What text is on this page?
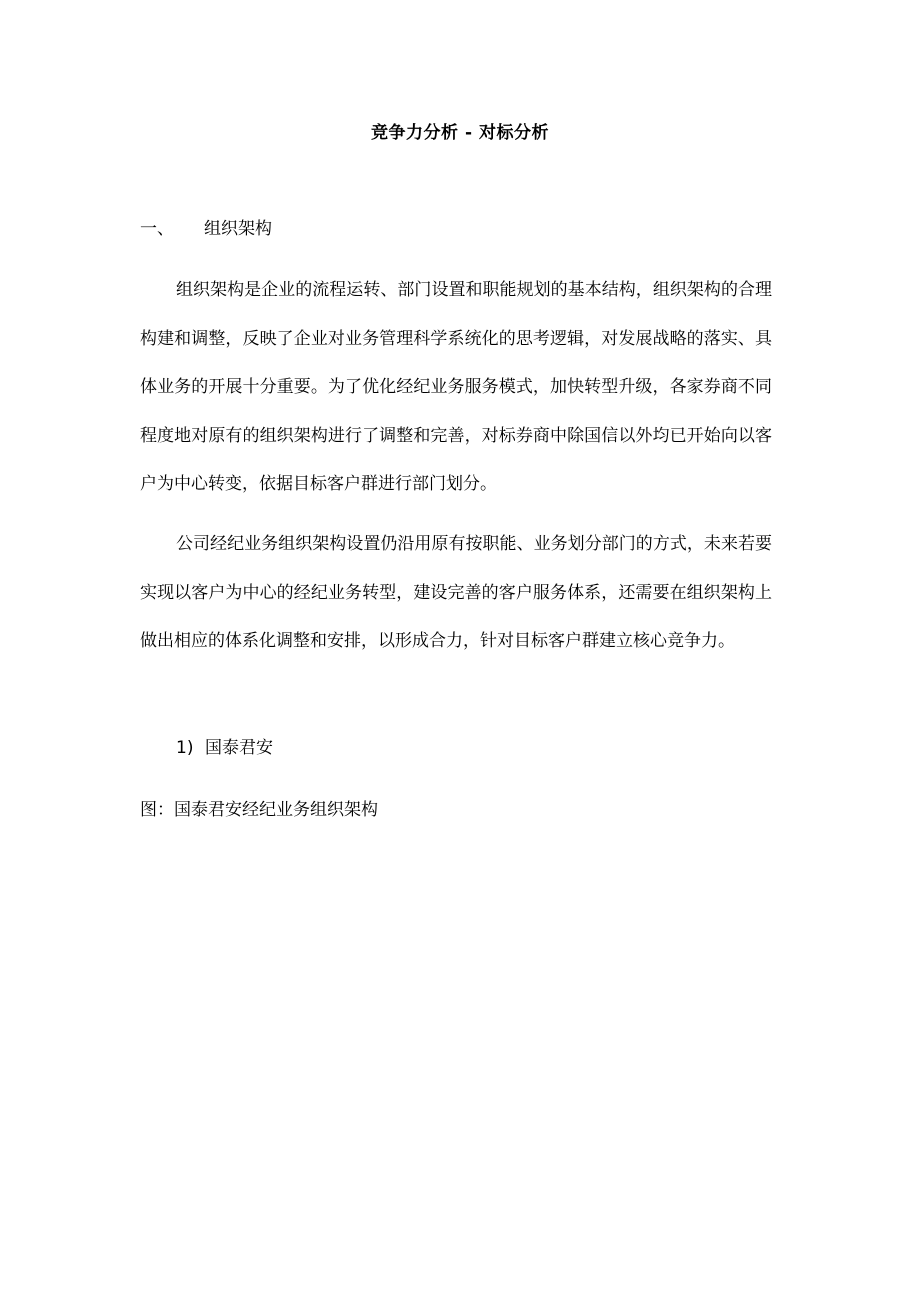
竞争力分析 - 对标分析
一、 组织架构

组织架构是企业的流程运转、部门设置和职能规划的基本结构，组织架构的合理构建和调整，反映了企业对业务管理科学系统化的思考逻辑，对发展战略的落实、具体业务的开展十分重要。为了优化经纪业务服务模式，加快转型升级，各家券商不同程度地对原有的组织架构进行了调整和完善，对标券商中除国信以外均已开始向以客户为中心转变，依据目标客户群进行部门划分。

公司经纪业务组织架构设置仍沿用原有按职能、业务划分部门的方式，未来若要实现以客户为中心的经纪业务转型，建设完善的客户服务体系，还需要在组织架构上做出相应的体系化调整和安排，以形成合力，针对目标客户群建立核心竞争力。

1) 国泰君安
图：国泰君安经纪业务组织架构
